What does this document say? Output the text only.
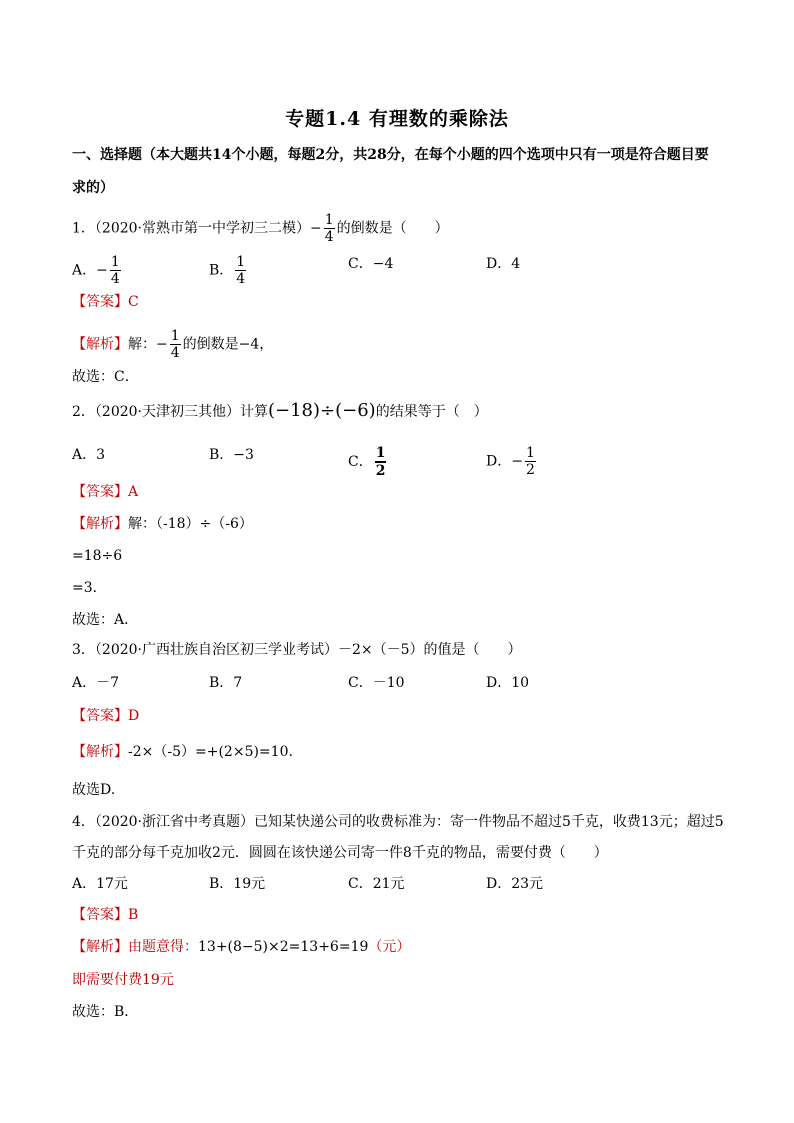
专题1.4 有理数的乘除法
一、选择题（本大题共14个小题，每题2分，共28分，在每个小题的四个选项中只有一项是符合题目要
求的）
1．（2020·常熟市第一中学初三二模）− $\frac{1}{4}$ 的倒数是（　　）
A．− $\frac{1}{4}$	B． $\frac{1}{4}$	C．−4	D．4
【答案】C
【解析】解：− $\frac{1}{4}$ 的倒数是−4，
故选：C．
2．（2020·天津初三其他）计算(−18)÷(−6)的结果等于（　）
A．3	B．−3	C． $\frac{1}{2}$	D．− $\frac{1}{2}$
【答案】A
【解析】解：（-18）÷（-6）
=18÷6
=3．
故选：A．
3．（2020·广西壮族自治区初三学业考试）－2×（－5）的值是（　　）
A．－7	B．7	C．－10	D．10
【答案】D
【解析】-2×（-5）=+(2×5)=10.
故选D.
4．（2020·浙江省中考真题）已知某快递公司的收费标准为：寄一件物品不超过5千克，收费13元；超过5
千克的部分每千克加收2元．圆圆在该快递公司寄一件8千克的物品，需要付费（　　）
A．17元	B．19元	C．21元	D．23元
【答案】B
【解析】由题意得：13+(8−5)×2=13+6=19（元）
即需要付费19元
故选：B．
